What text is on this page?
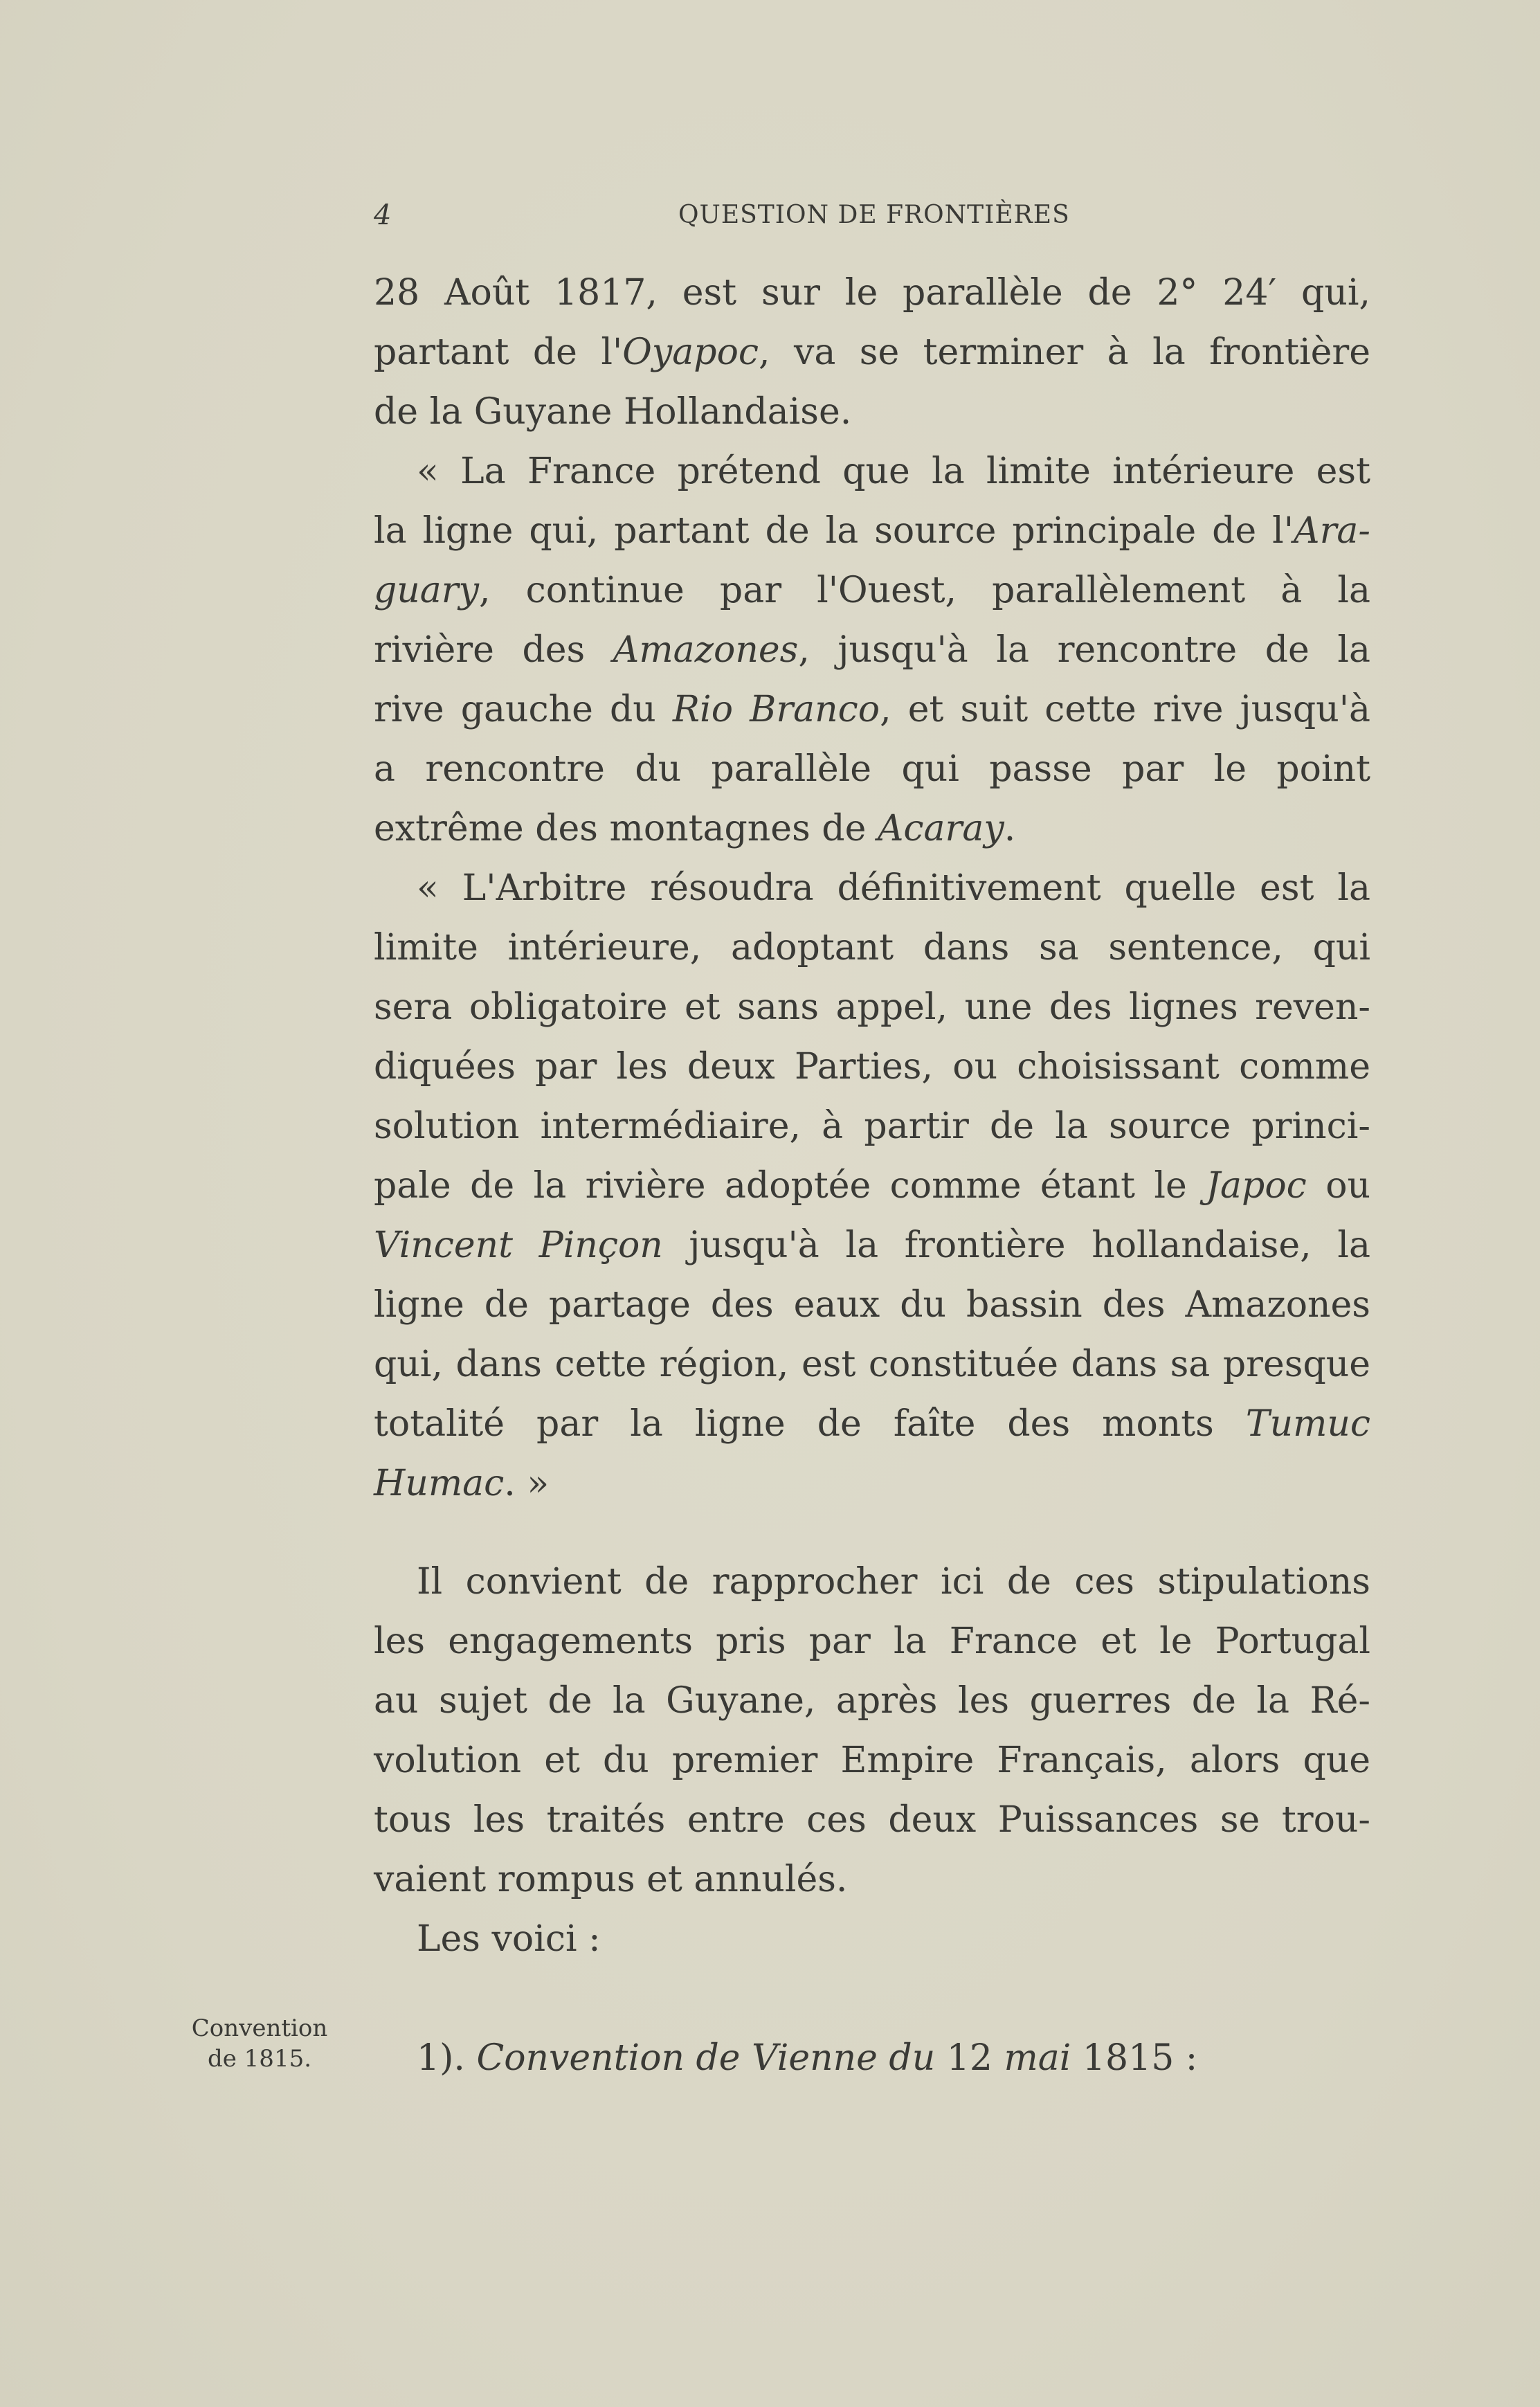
4	QUESTION DE FRONTIÈRES
28 Août 1817, est sur le parallèle de 2° 24′ qui,
partant de l'Oyapoc, va se terminer à la frontière
de la Guyane Hollandaise.
« La France prétend que la limite intérieure est
la ligne qui, partant de la source principale de l'Ara-
guary, continue par l'Ouest, parallèlement à la
rivière des Amazones, jusqu'à la rencontre de la
rive gauche du Rio Branco, et suit cette rive jusqu'à
a rencontre du parallèle qui passe par le point
extrême des montagnes de Acaray.
« L'Arbitre résoudra définitivement quelle est la
limite intérieure, adoptant dans sa sentence, qui
sera obligatoire et sans appel, une des lignes reven-
diquées par les deux Parties, ou choisissant comme
solution intermédiaire, à partir de la source princi-
pale de la rivière adoptée comme étant le Japoc ou
Vincent Pinçon jusqu'à la frontière hollandaise, la
ligne de partage des eaux du bassin des Amazones
qui, dans cette région, est constituée dans sa presque
totalité par la ligne de faîte des monts Tumuc
Humac. »
Il convient de rapprocher ici de ces stipulations
les engagements pris par la France et le Portugal
au sujet de la Guyane, après les guerres de la Ré-
volution et du premier Empire Français, alors que
tous les traités entre ces deux Puissances se trou-
vaient rompus et annulés.
Les voici :
Convention
de 1815.	1). Convention de Vienne du 12 mai 1815 :
